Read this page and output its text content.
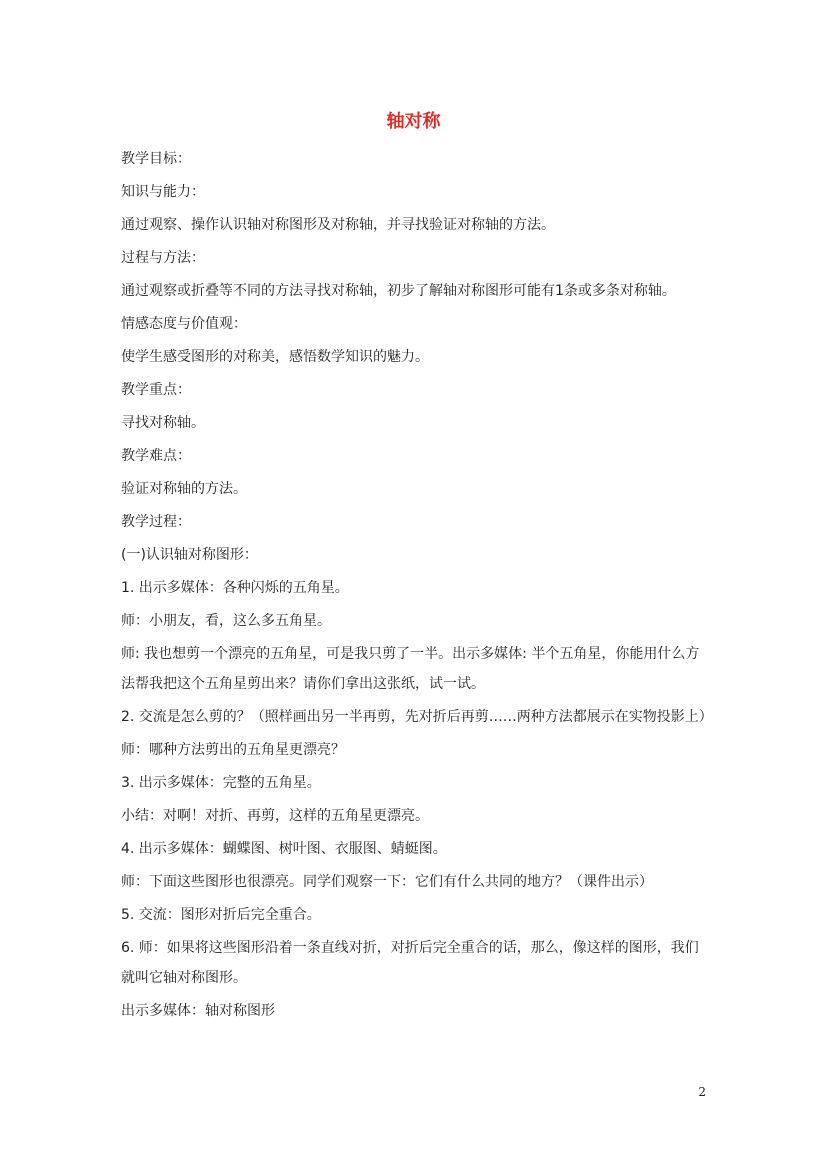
轴对称

教学目标：

知识与能力：

通过观察、操作认识轴对称图形及对称轴，并寻找验证对称轴的方法。

过程与方法：

通过观察或折叠等不同的方法寻找对称轴，初步了解轴对称图形可能有1条或多条对称轴。

情感态度与价值观：

使学生感受图形的对称美，感悟数学知识的魅力。

教学重点：

寻找对称轴。

教学难点：

验证对称轴的方法。

教学过程：

(一)认识轴对称图形：

1. 出示多媒体：各种闪烁的五角星。

师：小朋友，看，这么多五角星。

师: 我也想剪一个漂亮的五角星，可是我只剪了一半。出示多媒体: 半个五角星，你能用什么方法帮我把这个五角星剪出来？请你们拿出这张纸，试一试。

2. 交流是怎么剪的？（照样画出另一半再剪，先对折后再剪……两种方法都展示在实物投影上）

师：哪种方法剪出的五角星更漂亮？

3. 出示多媒体：完整的五角星。

小结：对啊！对折、再剪，这样的五角星更漂亮。

4. 出示多媒体：蝴蝶图、树叶图、衣服图、蜻蜓图。

师：下面这些图形也很漂亮。同学们观察一下：它们有什么共同的地方？（课件出示）

5. 交流：图形对折后完全重合。

6. 师：如果将这些图形沿着一条直线对折，对折后完全重合的话，那么，像这样的图形，我们就叫它轴对称图形。

出示多媒体：轴对称图形

2
